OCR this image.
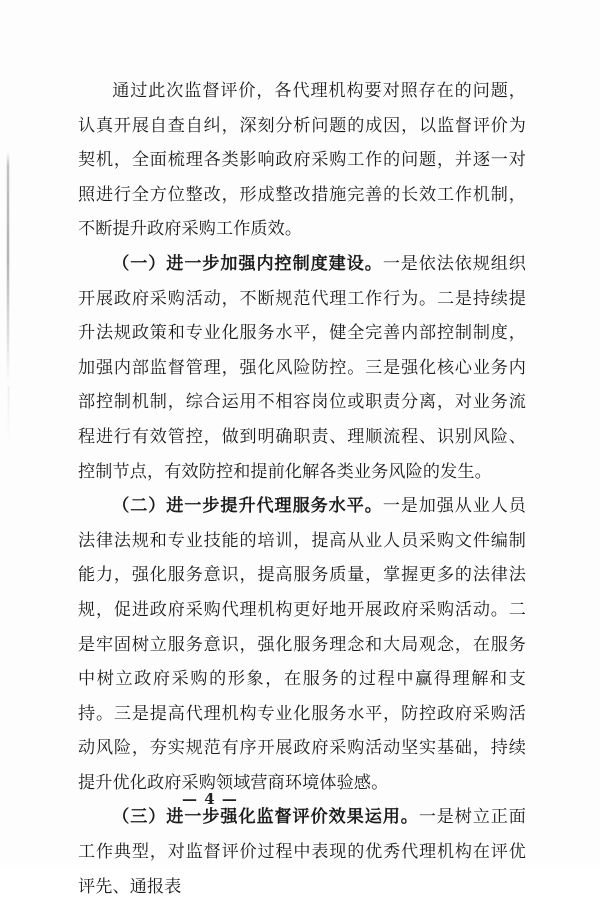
通过此次监督评价，各代理机构要对照存在的问题，认真开展自查自纠，深刻分析问题的成因，以监督评价为契机，全面梳理各类影响政府采购工作的问题，并逐一对照进行全方位整改，形成整改措施完善的长效工作机制，不断提升政府采购工作质效。

（一）进一步加强内控制度建设。一是依法依规组织开展政府采购活动，不断规范代理工作行为。二是持续提升法规政策和专业化服务水平，健全完善内部控制制度，加强内部监督管理，强化风险防控。三是强化核心业务内部控制机制，综合运用不相容岗位或职责分离，对业务流程进行有效管控，做到明确职责、理顺流程、识别风险、控制节点，有效防控和提前化解各类业务风险的发生。

（二）进一步提升代理服务水平。一是加强从业人员法律法规和专业技能的培训，提高从业人员采购文件编制能力，强化服务意识，提高服务质量，掌握更多的法律法规，促进政府采购代理机构更好地开展政府采购活动。二是牢固树立服务意识，强化服务理念和大局观念，在服务中树立政府采购的形象，在服务的过程中赢得理解和支持。三是提高代理机构专业化服务水平，防控政府采购活动风险，夯实规范有序开展政府采购活动坚实基础，持续提升优化政府采购领域营商环境体验感。

（三）进一步强化监督评价效果运用。一是树立正面工作典型，对监督评价过程中表现的优秀代理机构在评优评先、通报表

— 4 —
